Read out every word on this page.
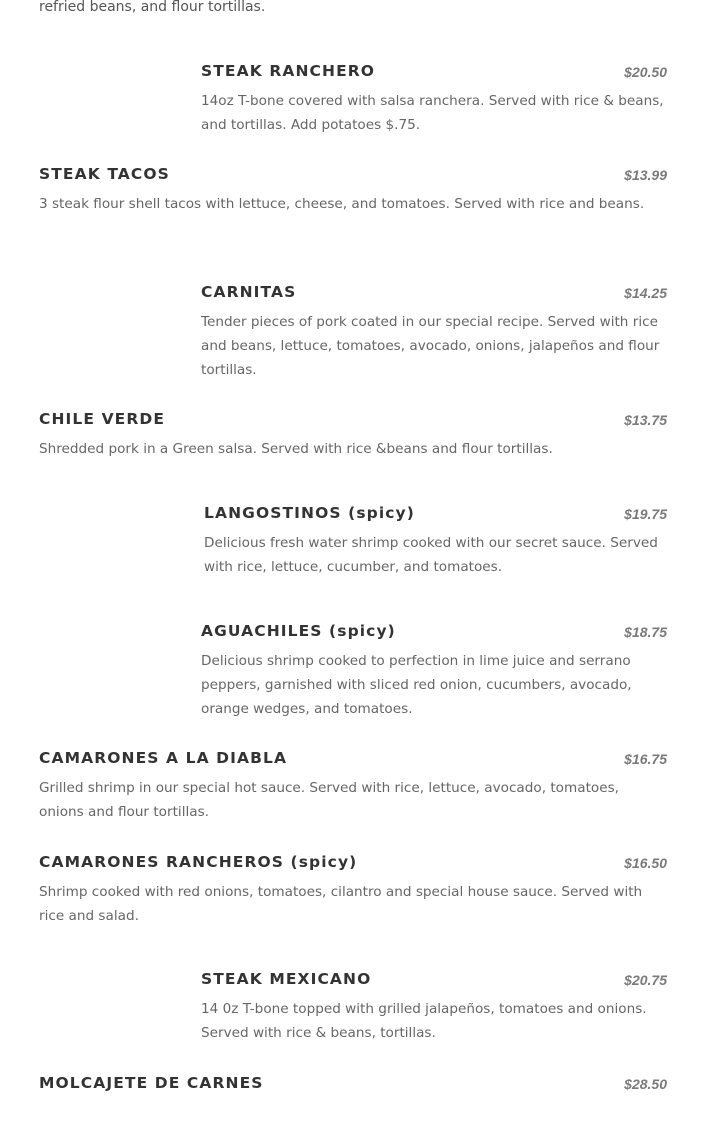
refried beans, and flour tortillas.

STEAK RANCHERO	$20.50

14oz T-bone covered with salsa ranchera. Served with rice & beans, and tortillas. Add potatoes $.75.

STEAK TACOS	$13.99

3 steak flour shell tacos with lettuce, cheese, and tomatoes. Served with rice and beans.

CARNITAS	$14.25

Tender pieces of pork coated in our special recipe. Served with rice and beans, lettuce, tomatoes, avocado, onions, jalapeños and flour tortillas.

CHILE VERDE	$13.75

Shredded pork in a Green salsa. Served with rice &beans and flour tortillas.

LANGOSTINOS (spicy)	$19.75

Delicious fresh water shrimp cooked with our secret sauce. Served with rice, lettuce, cucumber, and tomatoes.

AGUACHILES (spicy)	$18.75

Delicious shrimp cooked to perfection in lime juice and serrano peppers, garnished with sliced red onion, cucumbers, avocado, orange wedges, and tomatoes.

CAMARONES A LA DIABLA	$16.75

Grilled shrimp in our special hot sauce. Served with rice, lettuce, avocado, tomatoes, onions and flour tortillas.

CAMARONES RANCHEROS (spicy)	$16.50

Shrimp cooked with red onions, tomatoes, cilantro and special house sauce. Served with rice and salad.

STEAK MEXICANO	$20.75

14 0z T-bone topped with grilled jalapeños, tomatoes and onions. Served with rice & beans, tortillas.

MOLCAJETE DE CARNES	$28.50
